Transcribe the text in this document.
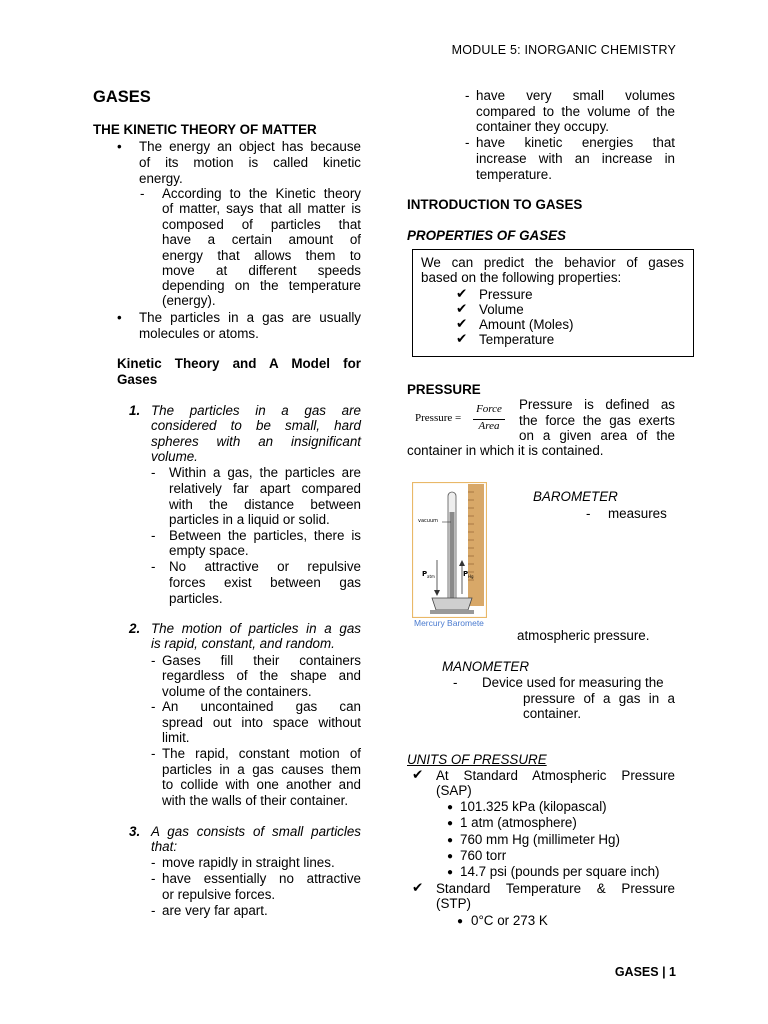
MODULE 5: INORGANIC CHEMISTRY
GASES
THE KINETIC THEORY OF MATTER
• The energy an object has because
of its motion is called kinetic
energy.
- According to the Kinetic theory
of matter, says that all matter is
composed of particles that
have a certain amount of
energy that allows them to
move at different speeds
depending on the temperature
(energy).
• The particles in a gas are usually
molecules or atoms.
Kinetic Theory and A Model for
Gases
1. The particles in a gas are
considered to be small, hard
spheres with an insignificant
volume.
- Within a gas, the particles are
relatively far apart compared
with the distance between
particles in a liquid or solid.
- Between the particles, there is
empty space.
- No attractive or repulsive
forces exist between gas
particles.
2. The motion of particles in a gas
is rapid, constant, and random.
- Gases fill their containers
regardless of the shape and
volume of the containers.
- An uncontained gas can
spread out into space without
limit.
- The rapid, constant motion of
particles in a gas causes them
to collide with one another and
with the walls of their container.
3. A gas consists of small particles
that:
- move rapidly in straight lines.
- have essentially no attractive
or repulsive forces.
- are very far apart.
- have very small volumes
compared to the volume of the
container they occupy.
- have kinetic energies that
increase with an increase in
temperature.
INTRODUCTION TO GASES
PROPERTIES OF GASES
We can predict the behavior of gases
based on the following properties:
✔ Pressure
✔ Volume
✔ Amount (Moles)
✔ Temperature
PRESSURE
Pressure =
Force
Area
Pressure is defined as
the force the gas exerts
on a given area of the
container in which it is contained.
vacuum
P atm	P Hg
Mercury Baromete
BAROMETER
- measures
atmospheric pressure.
MANOMETER
- Device used for measuring the
pressure of a gas in a
container.
UNITS OF PRESSURE
✔ At Standard Atmospheric Pressure
(SAP)
● 101.325 kPa (kilopascal)
● 1 atm (atmosphere)
● 760 mm Hg (millimeter Hg)
● 760 torr
● 14.7 psi (pounds per square inch)
✔ Standard Temperature & Pressure
(STP)
● 0°C or 273 K
GASES | 1
